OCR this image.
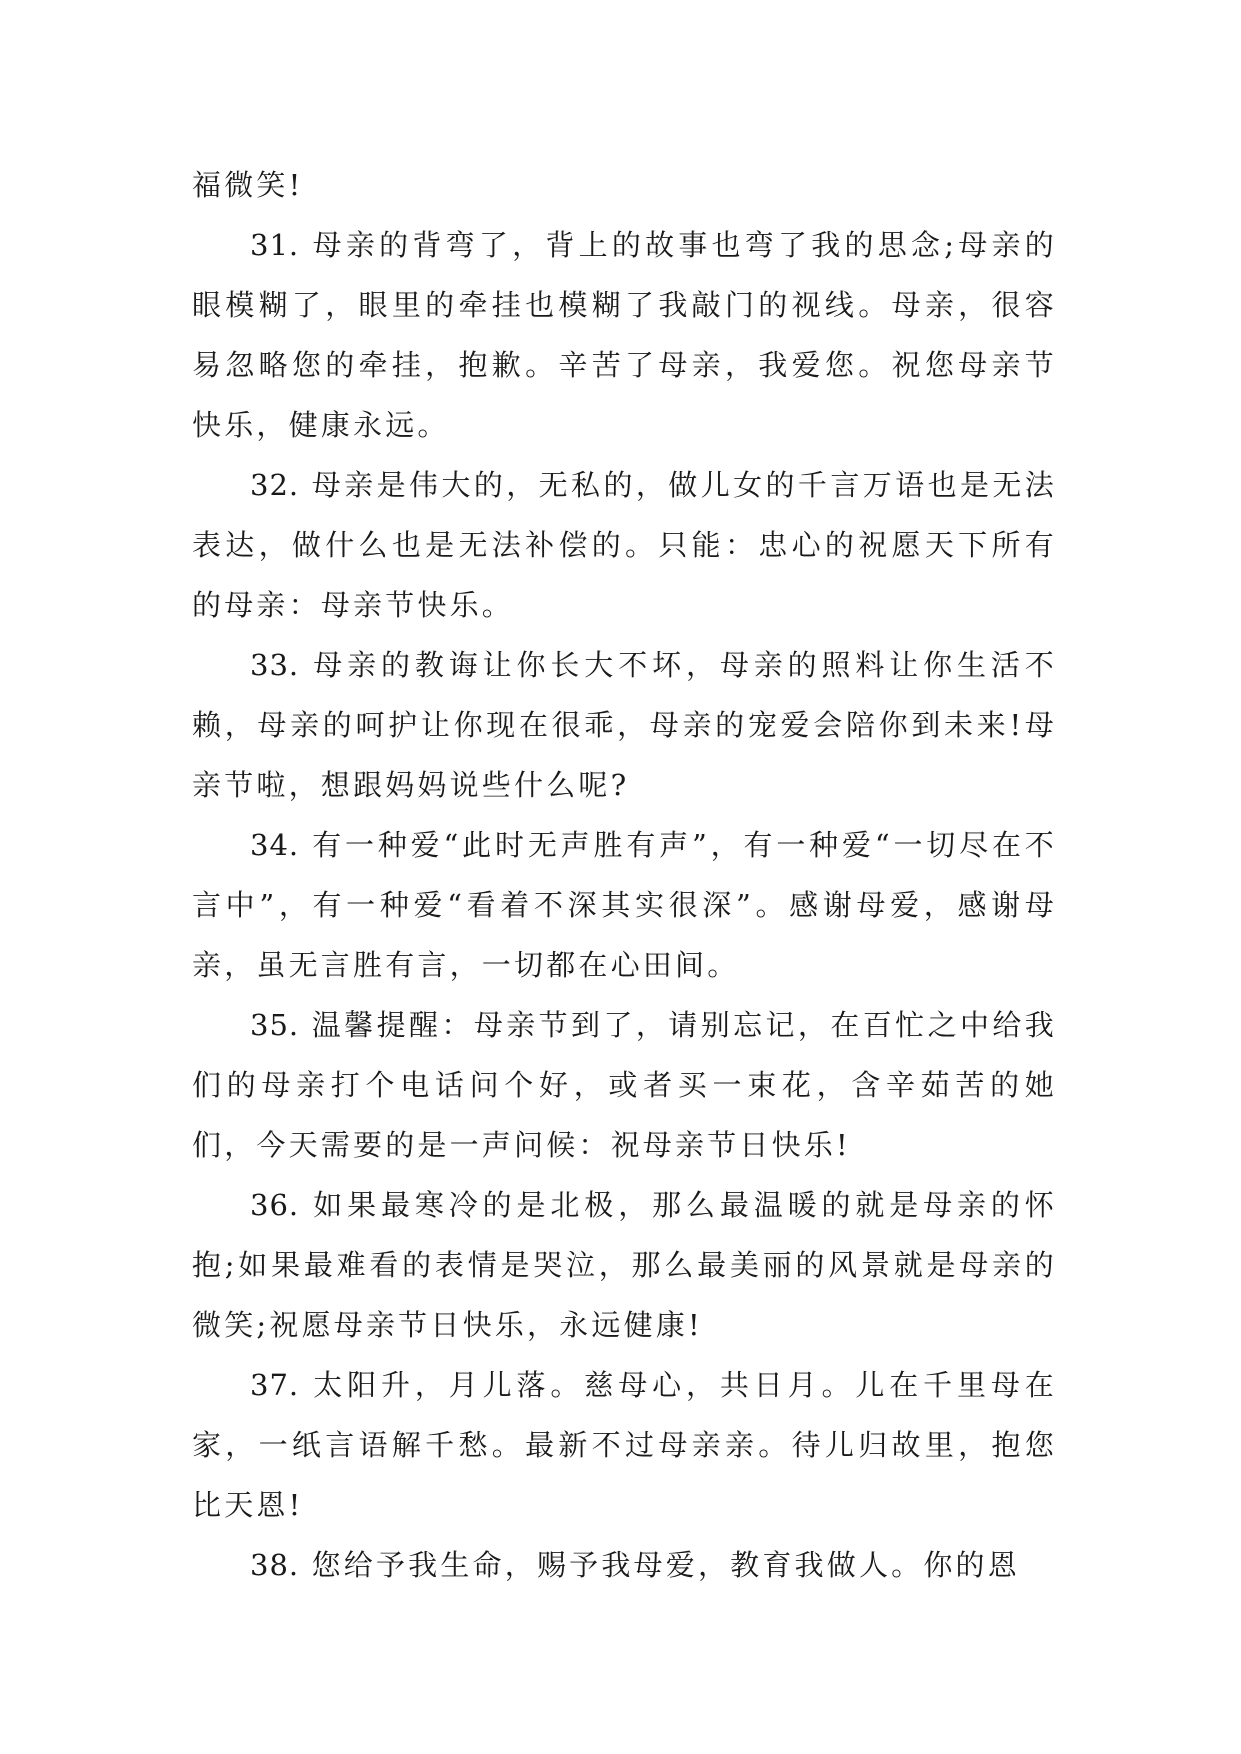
福微笑!

31. 母亲的背弯了，背上的故事也弯了我的思念;母亲的眼模糊了，眼里的牵挂也模糊了我敲门的视线。母亲，很容易忽略您的牵挂，抱歉。辛苦了母亲，我爱您。祝您母亲节快乐，健康永远。

32. 母亲是伟大的，无私的，做儿女的千言万语也是无法表达，做什么也是无法补偿的。只能：忠心的祝愿天下所有的母亲：母亲节快乐。

33. 母亲的教诲让你长大不坏，母亲的照料让你生活不赖，母亲的呵护让你现在很乖，母亲的宠爱会陪你到未来!母亲节啦，想跟妈妈说些什么呢?

34. 有一种爱“此时无声胜有声”，有一种爱“一切尽在不言中”，有一种爱“看着不深其实很深”。感谢母爱，感谢母亲，虽无言胜有言，一切都在心田间。

35. 温馨提醒：母亲节到了，请别忘记，在百忙之中给我们的母亲打个电话问个好，或者买一束花，含辛茹苦的她们，今天需要的是一声问候：祝母亲节日快乐!

36. 如果最寒冷的是北极，那么最温暖的就是母亲的怀抱;如果最难看的表情是哭泣，那么最美丽的风景就是母亲的微笑;祝愿母亲节日快乐，永远健康!

37. 太阳升，月儿落。慈母心，共日月。儿在千里母在家，一纸言语解千愁。最新不过母亲亲。待儿归故里，抱您比天恩!

38. 您给予我生命，赐予我母爱，教育我做人。你的恩
